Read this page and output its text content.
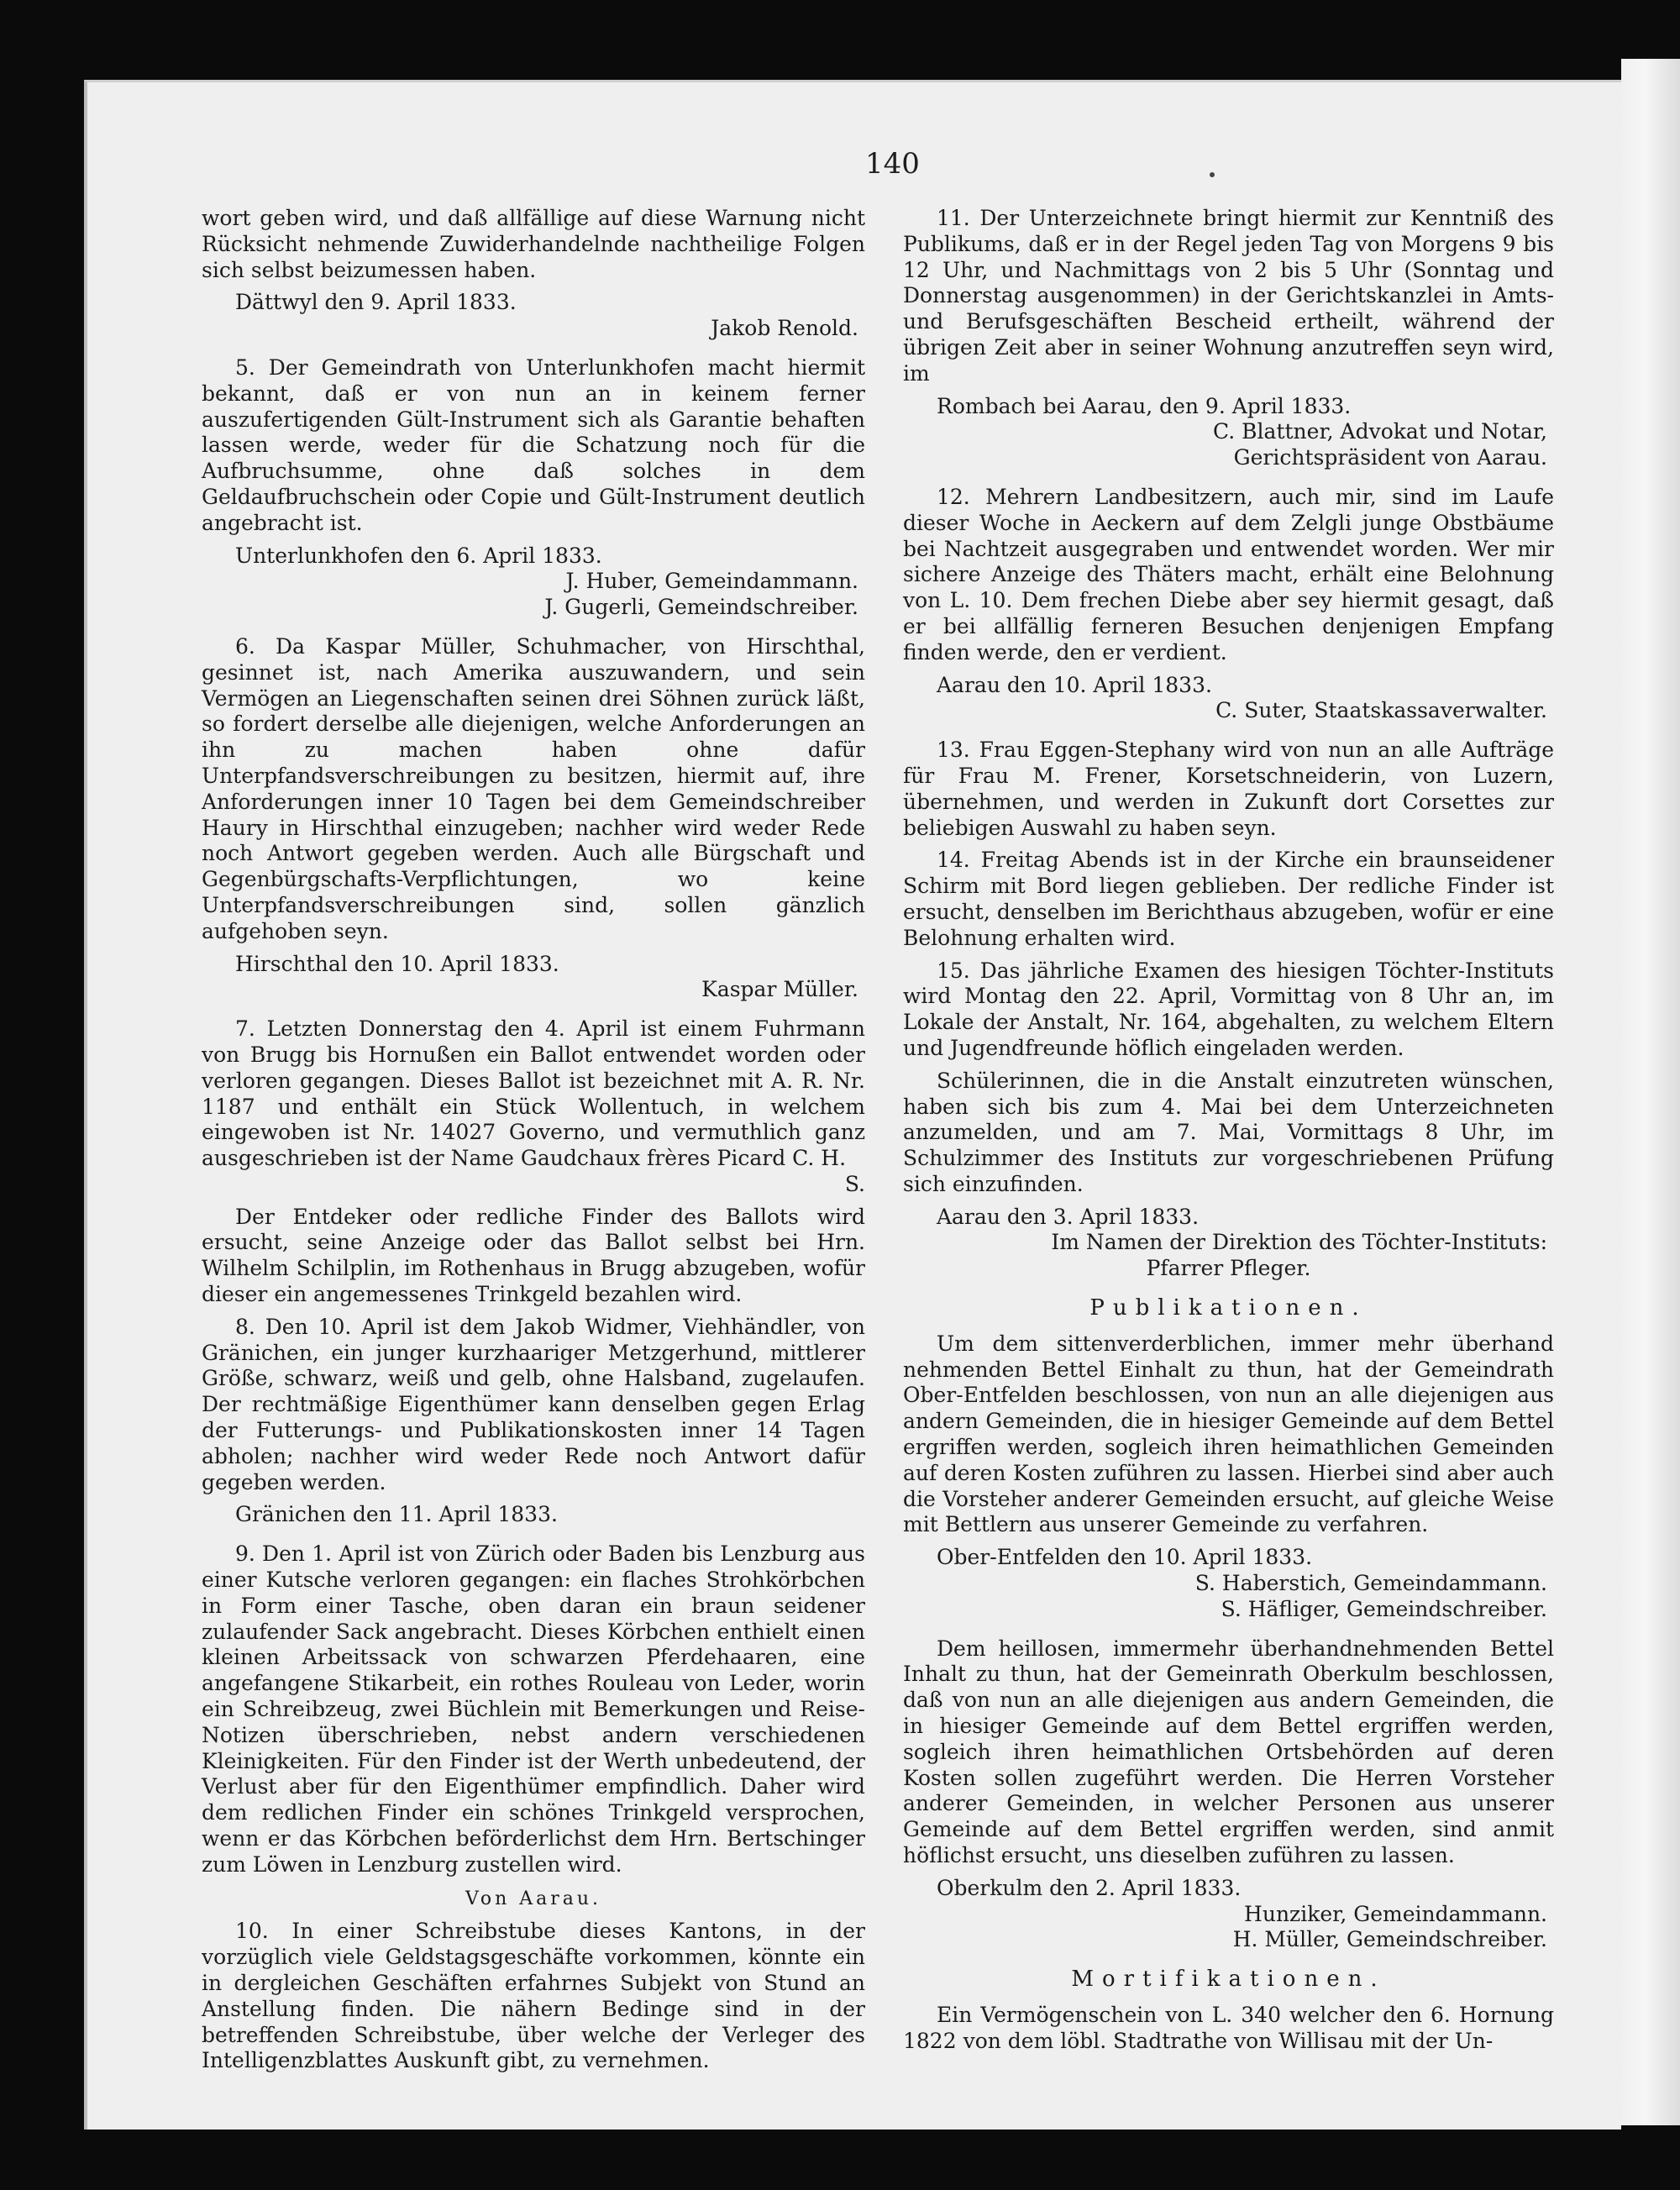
140

wort geben wird, und daß allfällige auf diese Warnung nicht Rücksicht nehmende Zuwiderhandelnde nachtheilige Folgen sich selbst beizumessen haben.

Dättwyl den 9. April 1833.

Jakob Renold.

5. Der Gemeindrath von Unterlunkhofen macht hiermit bekannt, daß er von nun an in keinem ferner auszufertigenden Gült-Instrument sich als Garantie behaften lassen werde, weder für die Schatzung noch für die Aufbruchsumme, ohne daß solches in dem Geldaufbruchschein oder Copie und Gült-Instrument deutlich angebracht ist.

Unterlunkhofen den 6. April 1833.

J. Huber, Gemeindammann.

J. Gugerli, Gemeindschreiber.

6. Da Kaspar Müller, Schuhmacher, von Hirschthal, gesinnet ist, nach Amerika auszuwandern, und sein Vermögen an Liegenschaften seinen drei Söhnen zurück läßt, so fordert derselbe alle diejenigen, welche Anforderungen an ihn zu machen haben ohne dafür Unterpfandsverschreibungen zu besitzen, hiermit auf, ihre Anforderungen inner 10 Tagen bei dem Gemeindschreiber Haury in Hirschthal einzugeben; nachher wird weder Rede noch Antwort gegeben werden. Auch alle Bürgschaft und Gegenbürgschafts-Verpflichtungen, wo keine Unterpfandsverschreibungen sind, sollen gänzlich aufgehoben seyn.

Hirschthal den 10. April 1833.

Kaspar Müller.

7. Letzten Donnerstag den 4. April ist einem Fuhrmann von Brugg bis Hornußen ein Ballot entwendet worden oder verloren gegangen. Dieses Ballot ist bezeichnet mit A. R. Nr. 1187 und enthält ein Stück Wollentuch, in welchem eingewoben ist Nr. 14027 Governo, und vermuthlich ganz ausgeschrieben ist der Name Gaudchaux frères Picard C. H.

S.

Der Entdeker oder redliche Finder des Ballots wird ersucht, seine Anzeige oder das Ballot selbst bei Hrn. Wilhelm Schilplin, im Rothenhaus in Brugg abzugeben, wofür dieser ein angemessenes Trinkgeld bezahlen wird.

8. Den 10. April ist dem Jakob Widmer, Viehhändler, von Gränichen, ein junger kurzhaariger Metzgerhund, mittlerer Größe, schwarz, weiß und gelb, ohne Halsband, zugelaufen. Der rechtmäßige Eigenthümer kann denselben gegen Erlag der Futterungs- und Publikationskosten inner 14 Tagen abholen; nachher wird weder Rede noch Antwort dafür gegeben werden.

Gränichen den 11. April 1833.

9. Den 1. April ist von Zürich oder Baden bis Lenzburg aus einer Kutsche verloren gegangen: ein flaches Strohkörbchen in Form einer Tasche, oben daran ein braun seidener zulaufender Sack angebracht. Dieses Körbchen enthielt einen kleinen Arbeitssack von schwarzen Pferdehaaren, eine angefangene Stikarbeit, ein rothes Rouleau von Leder, worin ein Schreibzeug, zwei Büchlein mit Bemerkungen und Reise-Notizen überschrieben, nebst andern verschiedenen Kleinigkeiten. Für den Finder ist der Werth unbedeutend, der Verlust aber für den Eigenthümer empfindlich. Daher wird dem redlichen Finder ein schönes Trinkgeld versprochen, wenn er das Körbchen beförderlichst dem Hrn. Bertschinger zum Löwen in Lenzburg zustellen wird.

Von Aarau.

10. In einer Schreibstube dieses Kantons, in der vorzüglich viele Geldstagsgeschäfte vorkommen, könnte ein in dergleichen Geschäften erfahrnes Subjekt von Stund an Anstellung finden. Die nähern Bedinge sind in der betreffenden Schreibstube, über welche der Verleger des Intelligenzblattes Auskunft gibt, zu vernehmen.

11. Der Unterzeichnete bringt hiermit zur Kenntniß des Publikums, daß er in der Regel jeden Tag von Morgens 9 bis 12 Uhr, und Nachmittags von 2 bis 5 Uhr (Sonntag und Donnerstag ausgenommen) in der Gerichtskanzlei in Amts- und Berufsgeschäften Bescheid ertheilt, während der übrigen Zeit aber in seiner Wohnung anzutreffen seyn wird, im

Rombach bei Aarau, den 9. April 1833.

C. Blattner, Advokat und Notar,

Gerichtspräsident von Aarau.

12. Mehrern Landbesitzern, auch mir, sind im Laufe dieser Woche in Aeckern auf dem Zelgli junge Obstbäume bei Nachtzeit ausgegraben und entwendet worden. Wer mir sichere Anzeige des Thäters macht, erhält eine Belohnung von L. 10. Dem frechen Diebe aber sey hiermit gesagt, daß er bei allfällig ferneren Besuchen denjenigen Empfang finden werde, den er verdient.

Aarau den 10. April 1833.

C. Suter, Staatskassaverwalter.

13. Frau Eggen-Stephany wird von nun an alle Aufträge für Frau M. Frener, Korsetschneiderin, von Luzern, übernehmen, und werden in Zukunft dort Corsettes zur beliebigen Auswahl zu haben seyn.

14. Freitag Abends ist in der Kirche ein braunseidener Schirm mit Bord liegen geblieben. Der redliche Finder ist ersucht, denselben im Berichthaus abzugeben, wofür er eine Belohnung erhalten wird.

15. Das jährliche Examen des hiesigen Töchter-Instituts wird Montag den 22. April, Vormittag von 8 Uhr an, im Lokale der Anstalt, Nr. 164, abgehalten, zu welchem Eltern und Jugendfreunde höflich eingeladen werden.

Schülerinnen, die in die Anstalt einzutreten wünschen, haben sich bis zum 4. Mai bei dem Unterzeichneten anzumelden, und am 7. Mai, Vormittags 8 Uhr, im Schulzimmer des Instituts zur vorgeschriebenen Prüfung sich einzufinden.

Aarau den 3. April 1833.

Im Namen der Direktion des Töchter-Instituts:

Pfarrer Pfleger.

Publikationen.

Um dem sittenverderblichen, immer mehr überhand nehmenden Bettel Einhalt zu thun, hat der Gemeindrath Ober-Entfelden beschlossen, von nun an alle diejenigen aus andern Gemeinden, die in hiesiger Gemeinde auf dem Bettel ergriffen werden, sogleich ihren heimathlichen Gemeinden auf deren Kosten zuführen zu lassen. Hierbei sind aber auch die Vorsteher anderer Gemeinden ersucht, auf gleiche Weise mit Bettlern aus unserer Gemeinde zu verfahren.

Ober-Entfelden den 10. April 1833.

S. Haberstich, Gemeindammann.

S. Häfliger, Gemeindschreiber.

Dem heillosen, immermehr überhandnehmenden Bettel Inhalt zu thun, hat der Gemeinrath Oberkulm beschlossen, daß von nun an alle diejenigen aus andern Gemeinden, die in hiesiger Gemeinde auf dem Bettel ergriffen werden, sogleich ihren heimathlichen Ortsbehörden auf deren Kosten sollen zugeführt werden. Die Herren Vorsteher anderer Gemeinden, in welcher Personen aus unserer Gemeinde auf dem Bettel ergriffen werden, sind anmit höflichst ersucht, uns dieselben zuführen zu lassen.

Oberkulm den 2. April 1833.

Hunziker, Gemeindammann.

H. Müller, Gemeindschreiber.

Mortifikationen.

Ein Vermögenschein von L. 340 welcher den 6. Hornung 1822 von dem löbl. Stadtrathe von Willisau mit der Un-
